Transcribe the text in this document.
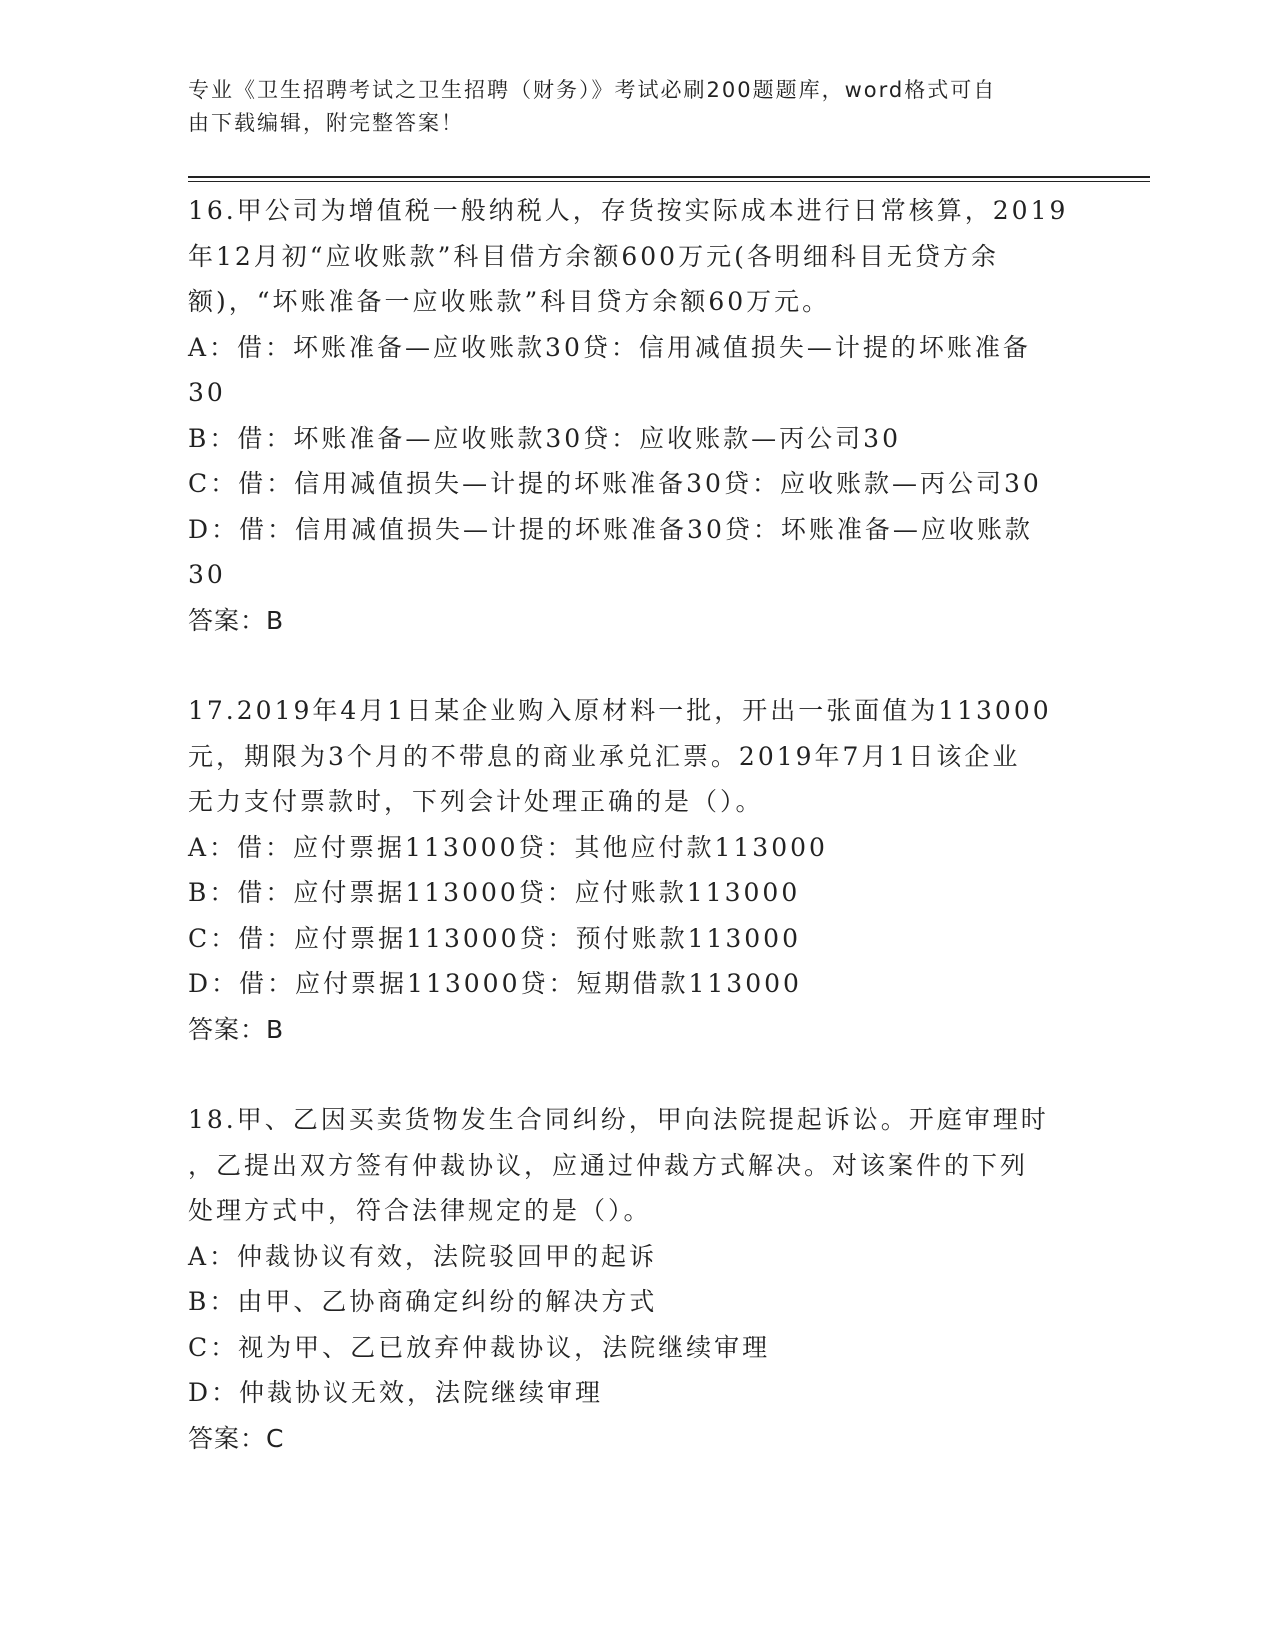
专业《卫生招聘考试之卫生招聘（财务）》考试必刷200题题库，word格式可自
由下载编辑，附完整答案！
16.甲公司为增值税一般纳税人，存货按实际成本进行日常核算，2019
年12月初“应收账款”科目借方余额600万元(各明细科目无贷方余
额)，“坏账准备一应收账款”科目贷方余额60万元。
A：借：坏账准备—应收账款30贷：信用减值损失—计提的坏账准备
30
B：借：坏账准备—应收账款30贷：应收账款—丙公司30
C：借：信用减值损失—计提的坏账准备30贷：应收账款—丙公司30
D：借：信用减值损失—计提的坏账准备30贷：坏账准备—应收账款
30
答案：B
17.2019年4月1日某企业购入原材料一批，开出一张面值为113000
元，期限为3个月的不带息的商业承兑汇票。2019年7月1日该企业
无力支付票款时，下列会计处理正确的是（）。
A：借：应付票据113000贷：其他应付款113000
B：借：应付票据113000贷：应付账款113000
C：借：应付票据113000贷：预付账款113000
D：借：应付票据113000贷：短期借款113000
答案：B
18.甲、乙因买卖货物发生合同纠纷，甲向法院提起诉讼。开庭审理时
，乙提出双方签有仲裁协议，应通过仲裁方式解决。对该案件的下列
处理方式中，符合法律规定的是（）。
A：仲裁协议有效，法院驳回甲的起诉
B：由甲、乙协商确定纠纷的解决方式
C：视为甲、乙已放弃仲裁协议，法院继续审理
D：仲裁协议无效，法院继续审理
答案：C
